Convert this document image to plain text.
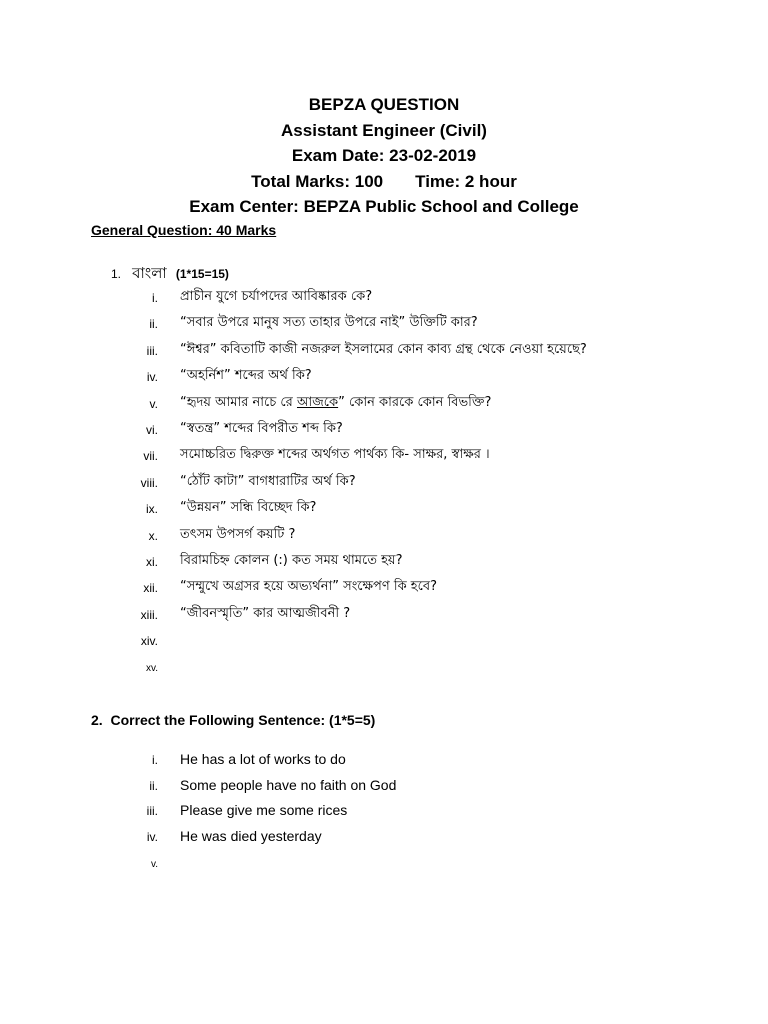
BEPZA QUESTION
Assistant Engineer (Civil)
Exam Date: 23-02-2019
Total Marks: 100 Time: 2 hour
Exam Center: BEPZA Public School and College
General Question: 40 Marks
1. বাংলা (1*15=15)
i. প্রাচীন যুগে চর্যাপদের আবিষ্কারক কে?
ii. “সবার উপরে মানুষ সত্য তাহার উপরে নাই” উক্তিটি কার?
iii. “ঈশ্বর” কবিতাটি কাজী নজরুল ইসলামের কোন কাব্য গ্রন্থ থেকে নেওয়া হয়েছে?
iv. “অহর্নিশ” শব্দের অর্থ কি?
v. “হৃদয় আমার নাচে রে আজকে” কোন কারকে কোন বিভক্তি?
vi. “স্বতন্ত্র” শব্দের বিপরীত শব্দ কি?
vii. সমোচ্চরিত দ্বিরুক্ত শব্দের অর্থগত পার্থক্য কি- সাক্ষর, স্বাক্ষর ।
viii. “ঠোঁট কাটা” বাগধারাটির অর্থ কি?
ix. “উন্নয়ন” সন্ধি বিচ্ছেদ কি?
x. তৎসম উপসর্গ কয়টি ?
xi. বিরামচিহ্ন কোলন (:) কত সময় থামতে হয়?
xii. “সম্মুখে অগ্রসর হয়ে অভ্যর্থনা” সংক্ষেপণ কি হবে?
xiii. “জীবনস্মৃতি” কার আত্মজীবনী ?
xiv.
xv.
2.  Correct the Following Sentence: (1*5=5)
i. He has a lot of works to do
ii. Some people have no faith on God
iii. Please give me some rices
iv. He was died yesterday
v.
